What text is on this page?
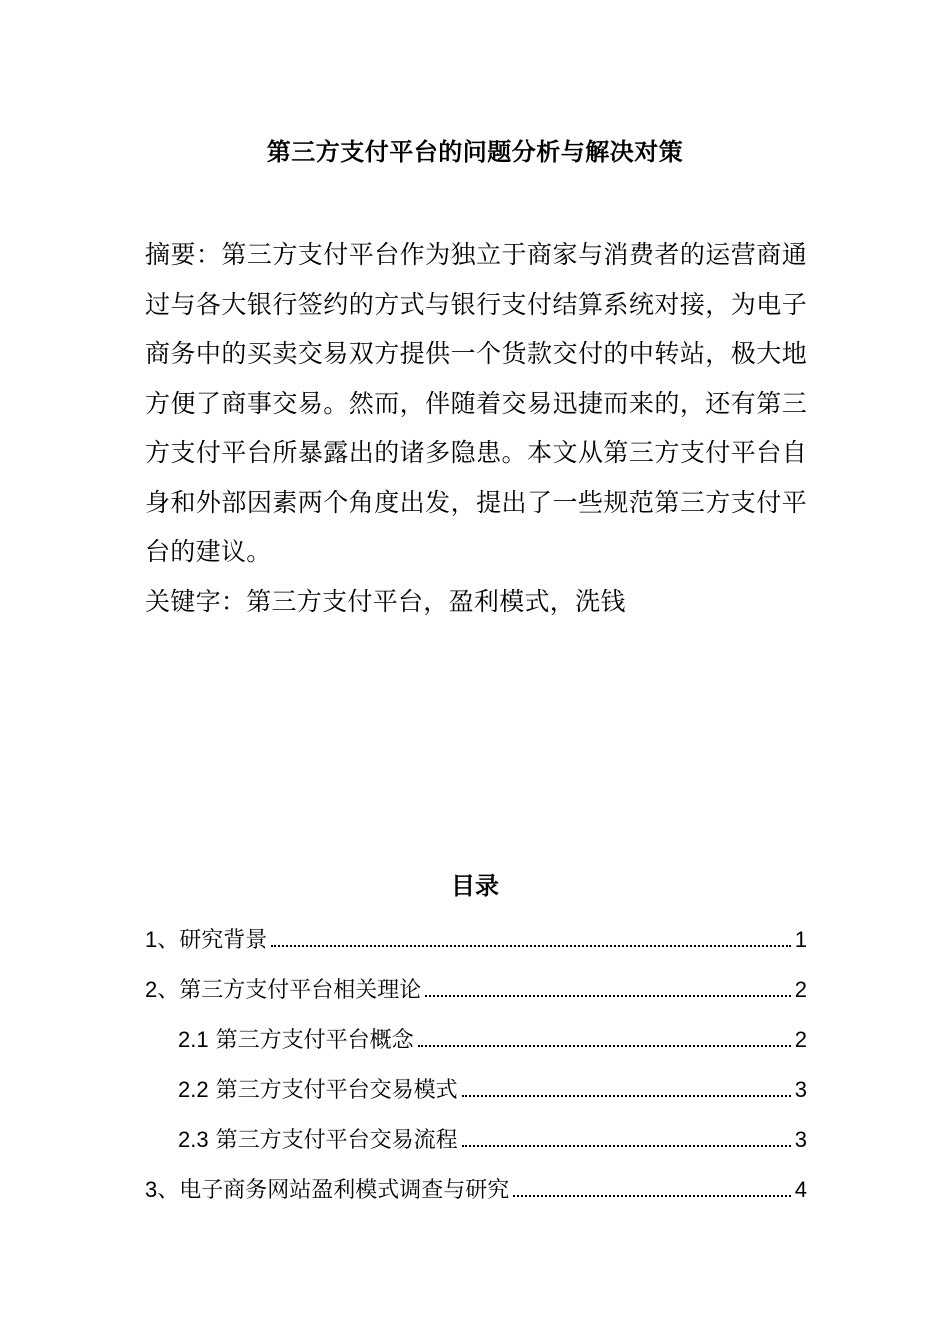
第三方支付平台的问题分析与解决对策

摘要：第三方支付平台作为独立于商家与消费者的运营商通过与各大银行签约的方式与银行支付结算系统对接，为电子商务中的买卖交易双方提供一个货款交付的中转站，极大地方便了商事交易。然而，伴随着交易迅捷而来的，还有第三方支付平台所暴露出的诸多隐患。本文从第三方支付平台自身和外部因素两个角度出发，提出了一些规范第三方支付平台的建议。

关键字：第三方支付平台，盈利模式，洗钱

目录
1、研究背景	1
2、第三方支付平台相关理论	2
2.1 第三方支付平台概念	2
2.2 第三方支付平台交易模式	3
2.3 第三方支付平台交易流程	3
3、电子商务网站盈利模式调查与研究	4
